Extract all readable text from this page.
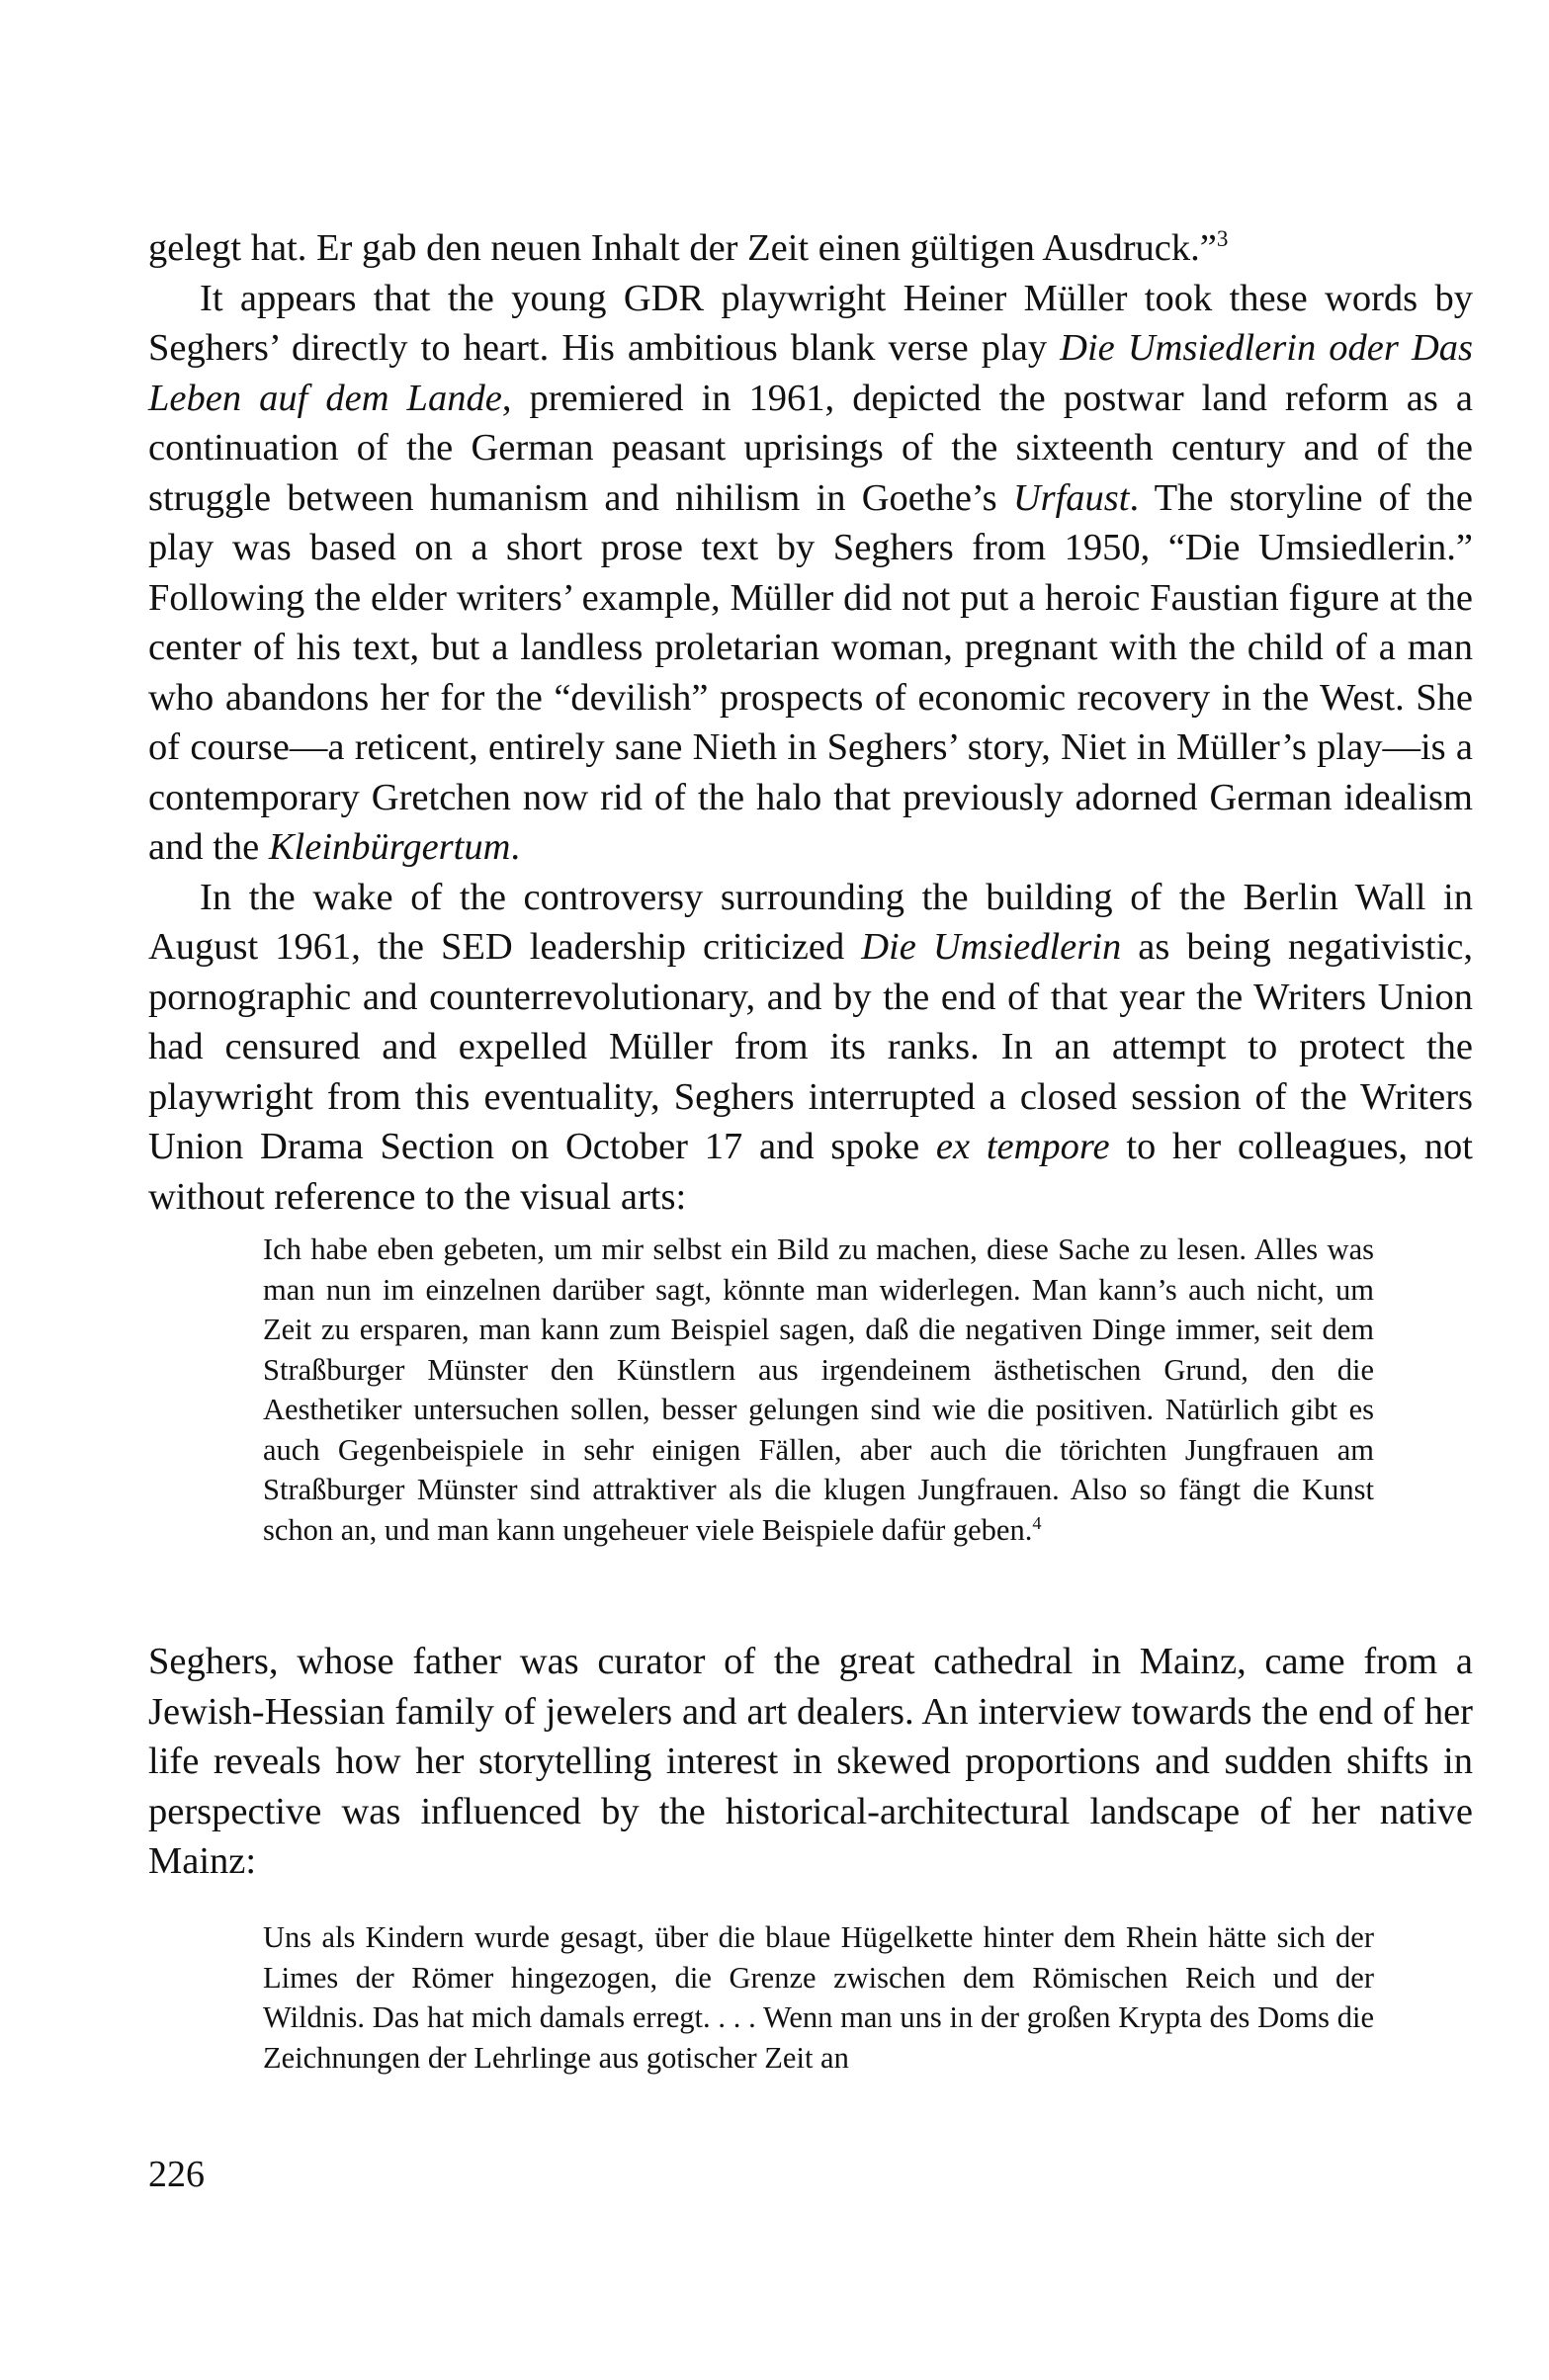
gelegt hat. Er gab den neuen Inhalt der Zeit einen gültigen Ausdruck.”$^3$

It appears that the young GDR playwright Heiner Müller took these words by Seghers’ directly to heart. His ambitious blank verse play Die Umsiedlerin oder Das Leben auf dem Lande, premiered in 1961, depicted the postwar land reform as a continuation of the German peasant uprisings of the sixteenth century and of the struggle between humanism and nihilism in Goethe’s Urfaust. The storyline of the play was based on a short prose text by Seghers from 1950, “Die Umsiedlerin.” Following the elder writers’ example, Müller did not put a heroic Faustian figure at the center of his text, but a landless proletarian woman, pregnant with the child of a man who abandons her for the “devilish” prospects of economic recovery in the West. She of course—a reticent, entirely sane Nieth in Seghers’ story, Niet in Müller’s play—is a contemporary Gretchen now rid of the halo that previously adorned German idealism and the Kleinbürgertum.

In the wake of the controversy surrounding the building of the Berlin Wall in August 1961, the SED leadership criticized Die Umsiedlerin as being negativistic, pornographic and counterrevolutionary, and by the end of that year the Writers Union had censured and expelled Müller from its ranks. In an attempt to protect the playwright from this eventuality, Seghers interrupted a closed session of the Writers Union Drama Section on October 17 and spoke ex tempore to her colleagues, not without reference to the visual arts:

Ich habe eben gebeten, um mir selbst ein Bild zu machen, diese Sache zu lesen. Alles was man nun im einzelnen darüber sagt, könnte man widerlegen. Man kann’s auch nicht, um Zeit zu ersparen, man kann zum Beispiel sagen, daß die negativen Dinge immer, seit dem Straßburger Münster den Künstlern aus irgendeinem ästhetischen Grund, den die Aesthetiker untersuchen sollen, besser gelungen sind wie die positiven. Natürlich gibt es auch Gegenbeispiele in sehr einigen Fällen, aber auch die törichten Jungfrauen am Straßburger Münster sind attraktiver als die klugen Jungfrauen. Also so fängt die Kunst schon an, und man kann ungeheuer viele Beispiele dafür geben.$^4$

Seghers, whose father was curator of the great cathedral in Mainz, came from a Jewish-Hessian family of jewelers and art dealers. An interview towards the end of her life reveals how her storytelling interest in skewed proportions and sudden shifts in perspective was influenced by the historical-architectural landscape of her native Mainz:

Uns als Kindern wurde gesagt, über die blaue Hügelkette hinter dem Rhein hätte sich der Limes der Römer hingezogen, die Grenze zwischen dem Römischen Reich und der Wildnis. Das hat mich damals erregt. . . . Wenn man uns in der großen Krypta des Doms die Zeichnungen der Lehrlinge aus gotischer Zeit an

226
